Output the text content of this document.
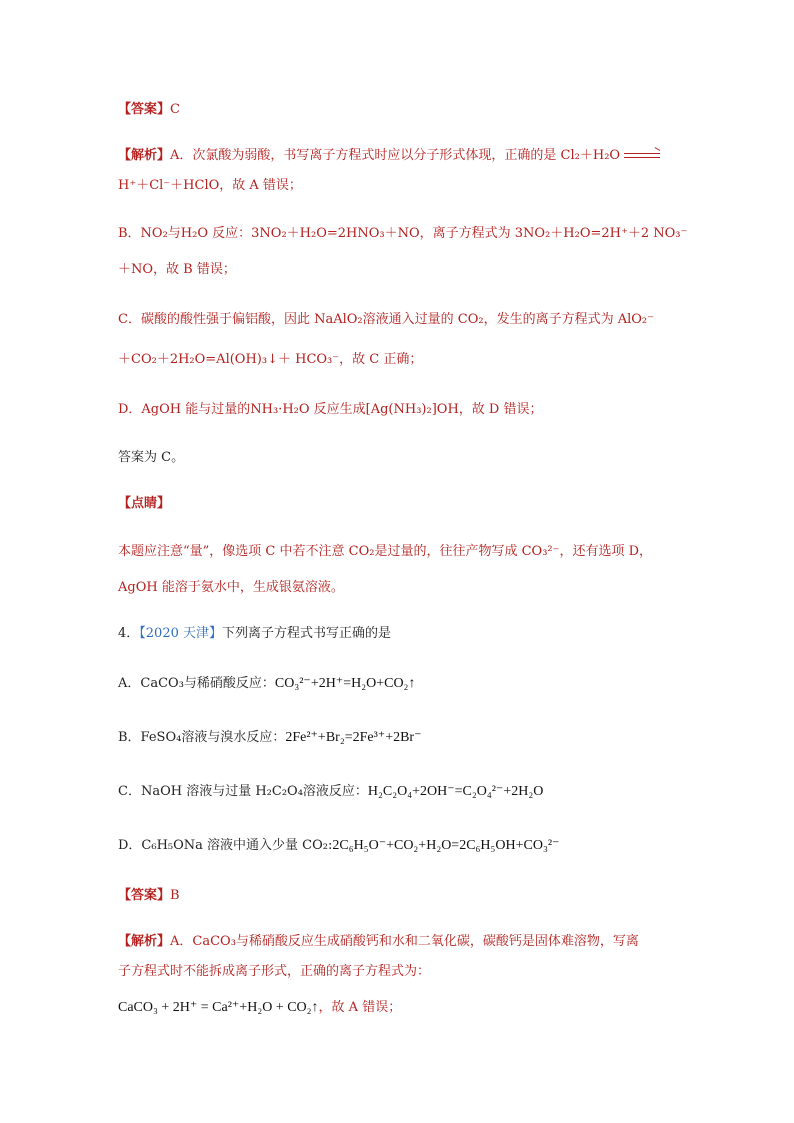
【答案】C
【解析】A．次氯酸为弱酸，书写离子方程式时应以分子形式体现，正确的是 Cl₂＋H₂O →
H⁺＋Cl⁻＋HClO，故 A 错误；
B．NO₂与H₂O 反应：3NO₂＋H₂O=2HNO₃＋NO，离子方程式为 3NO₂＋H₂O=2H⁺＋2 NO₃⁻
＋NO，故 B 错误；
C．碳酸的酸性强于偏铝酸，因此 NaAlO₂溶液通入过量的 CO₂，发生的离子方程式为 AlO₂⁻
＋CO₂＋2H₂O=Al(OH)₃↓＋ HCO₃⁻，故 C 正确；
D．AgOH 能与过量的NH₃·H₂O 反应生成[Ag(NH₃)₂]OH，故 D 错误；
答案为 C。
【点睛】
本题应注意“量”，像选项 C 中若不注意 CO₂是过量的，往往产物写成 CO₃²⁻，还有选项 D，
AgOH 能溶于氨水中，生成银氨溶液。
4．【2020 天津】下列离子方程式书写正确的是
A．CaCO₃与稀硝酸反应：CO₃²⁻+2H⁺=H₂O+CO₂↑
B．FeSO₄溶液与溴水反应：2Fe²⁺+Br₂=2Fe³⁺+2Br⁻
C．NaOH 溶液与过量 H₂C₂O₄溶液反应：H₂C₂O₄+2OH⁻=C₂O₄²⁻+2H₂O
D．C₆H₅ONa 溶液中通入少量 CO₂:2C₆H₅O⁻+CO₂+H₂O=2C₆H₅OH+CO₃²⁻
【答案】B
【解析】A．CaCO₃与稀硝酸反应生成硝酸钙和水和二氧化碳，碳酸钙是固体难溶物，写离
子方程式时不能拆成离子形式，正确的离子方程式为：
CaCO₃ + 2H⁺ = Ca²⁺+H₂O + CO₂↑，故 A 错误；
